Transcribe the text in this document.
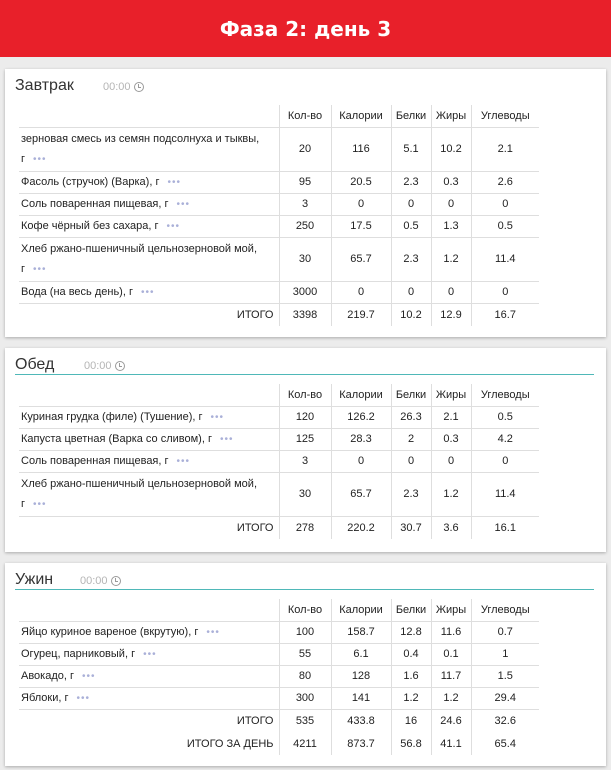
Фаза 2: день 3
Завтрак	00:00
	Кол-во	Калории	Белки	Жиры	Углеводы
зерновая смесь из семян подсолнуха и тыквы, г •••	20	116	5.1	10.2	2.1
Фасоль (стручок) (Варка), г •••	95	20.5	2.3	0.3	2.6
Соль поваренная пищевая, г •••	3	0	0	0	0
Кофе чёрный без сахара, г •••	250	17.5	0.5	1.3	0.5
Хлеб ржано-пшеничный цельнозерновой мой, г •••	30	65.7	2.3	1.2	11.4
Вода (на весь день), г •••	3000	0	0	0	0
ИТОГО	3398	219.7	10.2	12.9	16.7
Обед	00:00
	Кол-во	Калории	Белки	Жиры	Углеводы
Куриная грудка (филе) (Тушение), г •••	120	126.2	26.3	2.1	0.5
Капуста цветная (Варка со сливом), г •••	125	28.3	2	0.3	4.2
Соль поваренная пищевая, г •••	3	0	0	0	0
Хлеб ржано-пшеничный цельнозерновой мой, г •••	30	65.7	2.3	1.2	11.4
ИТОГО	278	220.2	30.7	3.6	16.1
Ужин 00:00
	Кол-во	Калории	Белки	Жиры	Углеводы
Яйцо куриное вареное (вкрутую), г •••	100	158.7	12.8	11.6	0.7
Огурец, парниковый, г •••	55	6.1	0.4	0.1	1
Авокадо, г •••	80	128	1.6	11.7	1.5
Яблоки, г •••	300	141	1.2	1.2	29.4
ИТОГО	535	433.8	16	24.6	32.6
ИТОГО ЗА ДЕНЬ	4211	873.7	56.8	41.1	65.4
